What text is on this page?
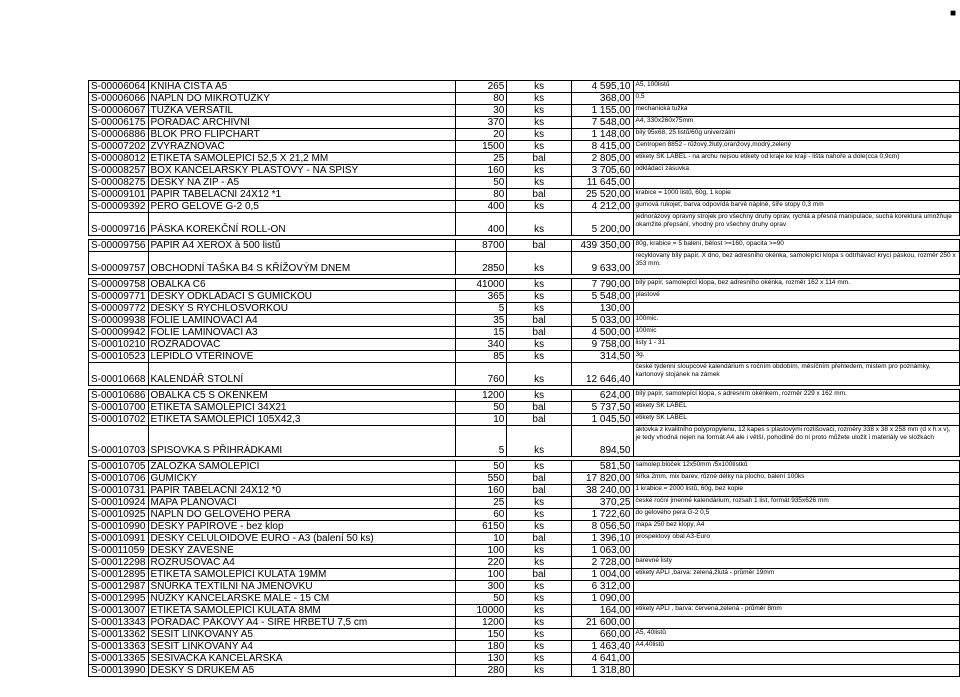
■
S-00006064	KNIHA ČISTÁ A5	265	ks	4 595,10	A5, 100listů
S-00006066	NÁPLŇ DO MIKROTUŽKY	80	ks	368,00	0,5
S-00006067	TUŽKA VERSATIL	30	ks	1 155,00	mechanická tužka
S-00006175	POŘADAČ ARCHIVNÍ	370	ks	7 548,00	A4, 330x260x75mm
S-00006886	BLOK PRO FLIPCHART	20	ks	1 148,00	bílý 95x68, 25 listů/60g univerzální
S-00007202	ZVÝRAZŇOVAČ	1500	ks	8 415,00	Centropen 8852 - růžový,žlutý,oranžový,modrý,zelený
S-00008012	ETIKETA SAMOLEPÍCÍ 52,5 X 21,2 MM	25	bal	2 805,00	etikety SK LABEL - na archu nejsou etikety od kraje ke kraji - lišta nahoře a dole(cca 0,9cm)
S-00008257	BOX KANCELÁŘSKÝ PLASTOVÝ - NA SPISY	160	ks	3 705,60	odkládací zásuvka
S-00008275	DESKY NA ZIP - A5	50	ks	11 645,00	
S-00009101	PAPÍR TABELAČNÍ 24X12 *1	80	bal	25 520,00	krabice = 1000 listů, 60g, 1 kopie
S-00009392	PERO GELOVÉ G-2 0,5	400	ks	4 212,00	gumová rukojeť, barva odpovídá barvě náplně, šíře stopy 0,3 mm
S-00009716	PÁSKA KOREKČNÍ ROLL-ON	400	ks	5 200,00	jednorázový opravný strojek pro všechny druhy oprav, rychlá a přesná manipulace, suchá korektura umožňuje okamžité přepsání, vhodný pro všechny druhy oprav

S-00009756	PAPÍR A4 XEROX à 500 listů	8700	bal	439 350,00	80g, krabice = 5 balení, bělost >=160, opacita >=90
S-00009757	OBCHODNÍ TAŠKA B4 S KŘÍŽOVÝM DNEM	2850	ks	9 633,00	recyklovaný bílý papír, X dno, bez adresního okénka, samolepící klopa s odtrhávací krycí páskou, rozměr 250 x 353 mm.

S-00009758	OBÁLKA C6	41000	ks	7 790,00	bílý papír, samolepící klopa, bez adresního okénka, rozměr 162 x 114 mm.
S-00009771	DESKY ODKLÁDACÍ S GUMIČKOU	365	ks	5 548,00	plastové
S-00009772	DESKY S RYCHLOSVORKOU	5	ks	130,00	
S-00009938	FOLIE LAMINOVACÍ A4	35	bal	5 033,00	100mic.
S-00009942	FOLIE LAMINOVACÍ A3	15	bal	4 500,00	100mic
S-00010210	ROZŘAĎOVAČ	340	ks	9 758,00	listy 1 - 31
S-00010523	LEPIDLO VTEŘINOVÉ	85	ks	314,50	3g.
S-00010668	KALENDÁŘ STOLNÍ	760	ks	12 646,40	české týdenní sloupcové kalendárium s ročním obdobím, měsíčním přehledem, mistem pro poznámky, kartonový stojánek na zámek

S-00010686	OBÁLKA C5 S OKÉNKEM	1200	ks	624,00	bílý papír, samolepící klopa, s adresním okénkem, rozměr 229 x 162 mm.
S-00010700	ETIKETA SAMOLEPÍCÍ 34X21	50	bal	5 737,50	etikety SK LABEL
S-00010702	ETIKETA SAMOLEPÍCÍ 105X42,3	10	bal	1 045,50	etikety SK LABEL
S-00010703	SPISOVKA S PŘIHRÁDKAMI	5	ks	894,50	aktovka z kvalitního polypropylenu, 12 kapes s plastovými rozlišovači, rozměry 338 x 38 x 258 mm (d x h x v), je tedy vhodná nejen na formát A4 ale i větší, pohodlně do ní proto můžete uložit i materiály ve složkách

S-00010705	ZÁLOŽKA SAMOLEPÍCÍ	50	ks	581,50	samolep.bloček 12x50mm /5x100lístků
S-00010706	GUMIČKY	550	bal	17 820,00	šířka 2mm, mix barev, různé délky na plocho, balení 100ks
S-00010731	PAPÍR TABELAČNÍ 24X12 *0	160	bal	38 240,00	1 krabice = 2000 listů, 60g, bez kopie
S-00010924	MAPA PLÁNOVACÍ	25	ks	370,25	české roční jmenné kalendárium, rozsah 1 list, formát 935x626 mm
S-00010925	NÁPLŇ DO GELOVÉHO PERA	60	ks	1 722,60	do gelového pera G-2 0,5
S-00010990	DESKY PAPÍROVÉ - bez klop	6150	ks	8 056,50	mapa 250 bez klopy, A4
S-00010991	DESKY CELULOIDOVÉ EURO - A3 (balení 50 ks)	10	bal	1 396,10	prospektový obal A3-Euro
S-00011059	DESKY ZÁVĚSNÉ	100	ks	1 063,00	
S-00012298	ROZRUŠOVAČ A4	220	ks	2 728,00	barevné listy
S-00012895	ETIKETA SAMOLEPÍCÍ KULATÁ 19MM	100	bal	1 004,00	etikety APLI ,barva: zelená,žlutá - průměr 19mm
S-00012987	ŠŇŮRKA TEXTILNÍ NA JMENOVKU	300	ks	6 312,00	
S-00012995	NŮŽKY KANCELÁŘSKÉ MALÉ - 15 CM	50	ks	1 090,00	
S-00013007	ETIKETA SAMOLEPÍCÍ KULATÁ 8MM	10000	ks	164,00	etikety APLI , barva: červená,zelená - průměr 8mm
S-00013343	POŘADAČ PÁKOVÝ A4 - ŠÍŘE HŘBETU 7,5 cm	1200	ks	21 600,00	
S-00013362	SEŠIT LINKOVANÝ A5	150	ks	660,00	A5, 40listů
S-00013363	SEŠIT LINKOVANÝ A4	180	ks	1 463,40	A4,40listů
S-00013365	SEŠIVAČKA KANCELÁŘSKÁ	130	ks	4 641,00	
S-00013990	DESKY S DRUKEM A5	280	ks	1 318,80	
